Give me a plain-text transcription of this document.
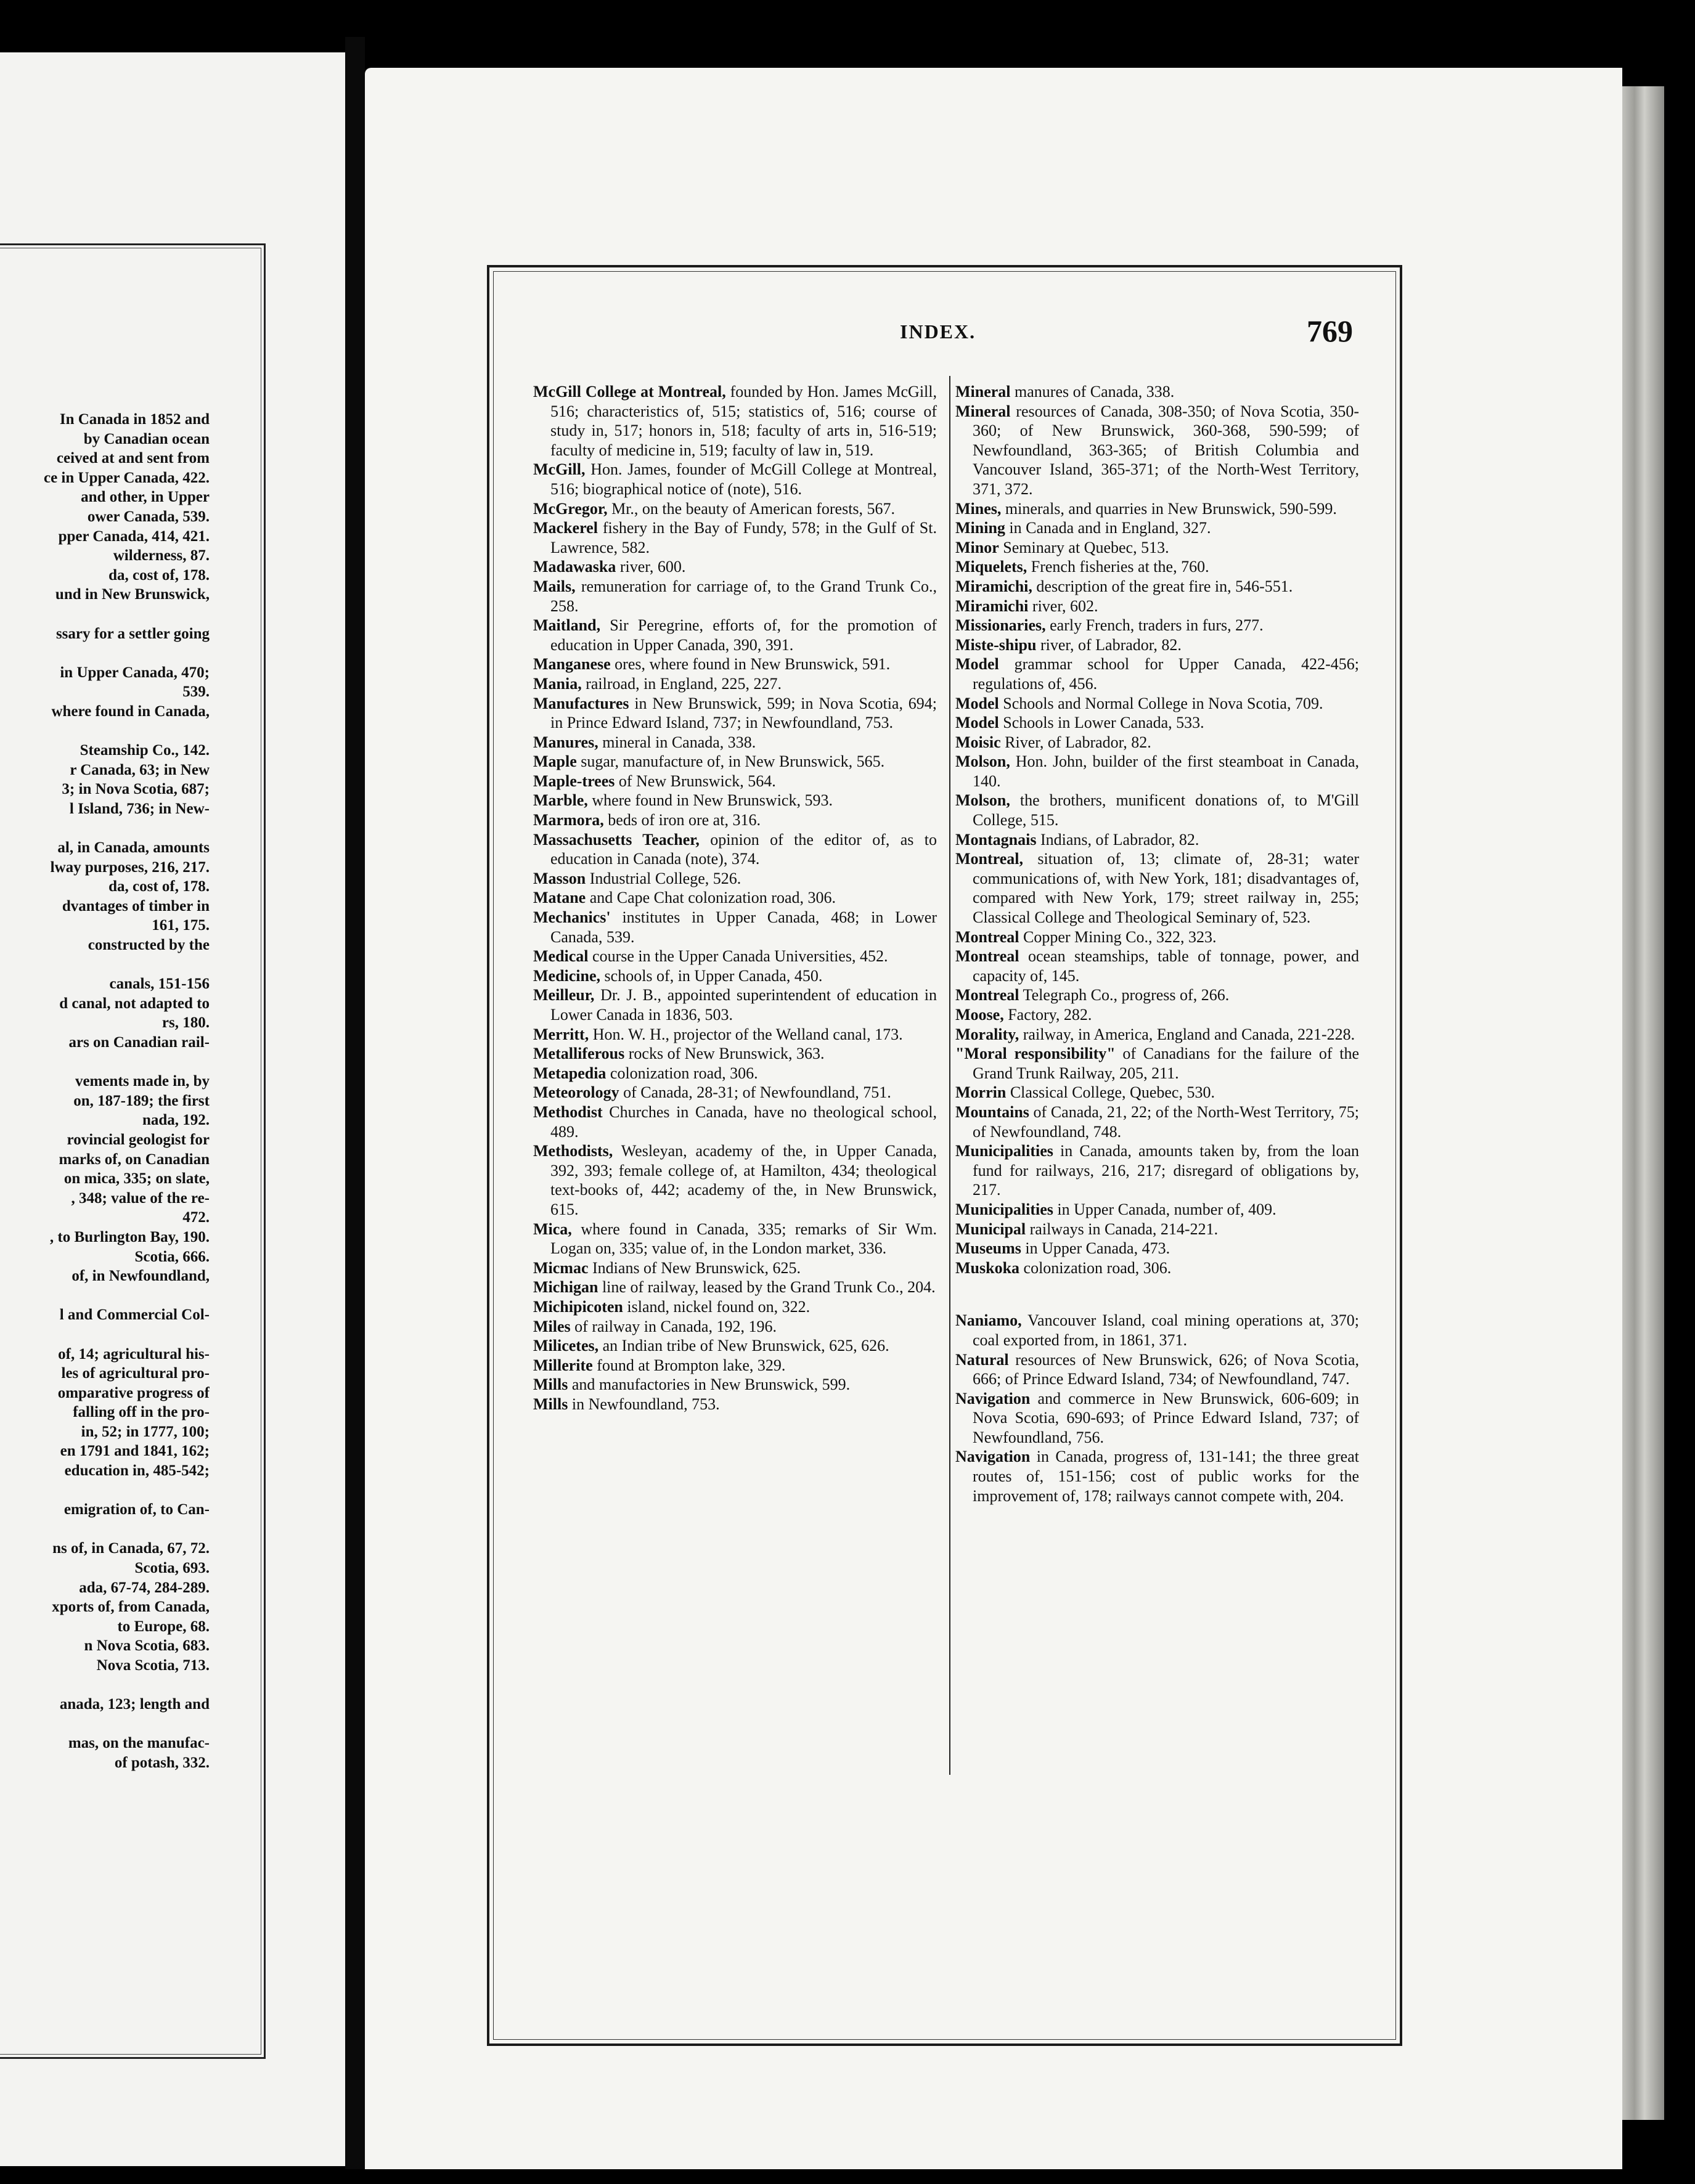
In Canada in 1852 and
by Canadian ocean
ceived at and sent from
ce in Upper Canada, 422.
and other, in Upper
ower Canada, 539.
pper Canada, 414, 421.
wilderness, 87.
da, cost of, 178.
und in New Brunswick,

ssary for a settler going

in Upper Canada, 470;
539.
where found in Canada,

Steamship Co., 142.
r Canada, 63; in New
3; in Nova Scotia, 687;
l Island, 736; in New-

al, in Canada, amounts
lway purposes, 216, 217.
da, cost of, 178.
dvantages of timber in
161, 175.
constructed by the

canals, 151-156
d canal, not adapted to
rs, 180.
ars on Canadian rail-

vements made in, by
on, 187-189; the first
nada, 192.
rovincial geologist for
marks of, on Canadian
on mica, 335; on slate,
, 348; value of the re-
472.
, to Burlington Bay, 190.
Scotia, 666.
of, in Newfoundland,

l and Commercial Col-

of, 14; agricultural his-
les of agricultural pro-
omparative progress of
falling off in the pro-
in, 52; in 1777, 100;
en 1791 and 1841, 162;
education in, 485-542;

emigration of, to Can-

ns of, in Canada, 67, 72.
Scotia, 693.
ada, 67-74, 284-289.
xports of, from Canada,
to Europe, 68.
n Nova Scotia, 683.
Nova Scotia, 713.

anada, 123; length and

mas, on the manufac-
of potash, 332.
INDEX.	769

McGill College at Montreal, founded by Hon. James McGill, 516; characteristics of, 515; statistics of, 516; course of study in, 517; honors in, 518; faculty of arts in, 516-519; faculty of medicine in, 519; faculty of law in, 519.

McGill, Hon. James, founder of McGill College at Montreal, 516; biographical notice of (note), 516.

McGregor, Mr., on the beauty of American forests, 567.

Mackerel fishery in the Bay of Fundy, 578; in the Gulf of St. Lawrence, 582.

Madawaska river, 600.

Mails, remuneration for carriage of, to the Grand Trunk Co., 258.

Maitland, Sir Peregrine, efforts of, for the promotion of education in Upper Canada, 390, 391.

Manganese ores, where found in New Brunswick, 591.

Mania, railroad, in England, 225, 227.

Manufactures in New Brunswick, 599; in Nova Scotia, 694; in Prince Edward Island, 737; in Newfoundland, 753.

Manures, mineral in Canada, 338.

Maple sugar, manufacture of, in New Brunswick, 565.

Maple-trees of New Brunswick, 564.

Marble, where found in New Brunswick, 593.

Marmora, beds of iron ore at, 316.

Massachusetts Teacher, opinion of the editor of, as to education in Canada (note), 374.

Masson Industrial College, 526.

Matane and Cape Chat colonization road, 306.

Mechanics' institutes in Upper Canada, 468; in Lower Canada, 539.

Medical course in the Upper Canada Universities, 452.

Medicine, schools of, in Upper Canada, 450.

Meilleur, Dr. J. B., appointed superintendent of education in Lower Canada in 1836, 503.

Merritt, Hon. W. H., projector of the Welland canal, 173.

Metalliferous rocks of New Brunswick, 363.

Metapedia colonization road, 306.

Meteorology of Canada, 28-31; of Newfoundland, 751.

Methodist Churches in Canada, have no theological school, 489.

Methodists, Wesleyan, academy of the, in Upper Canada, 392, 393; female college of, at Hamilton, 434; theological text-books of, 442; academy of the, in New Brunswick, 615.

Mica, where found in Canada, 335; remarks of Sir Wm. Logan on, 335; value of, in the London market, 336.

Micmac Indians of New Brunswick, 625.

Michigan line of railway, leased by the Grand Trunk Co., 204.

Michipicoten island, nickel found on, 322.

Miles of railway in Canada, 192, 196.

Milicetes, an Indian tribe of New Brunswick, 625, 626.

Millerite found at Brompton lake, 329.

Mills and manufactories in New Brunswick, 599.

Mills in Newfoundland, 753.

Mineral manures of Canada, 338.

Mineral resources of Canada, 308-350; of Nova Scotia, 350-360; of New Brunswick, 360-368, 590-599; of Newfoundland, 363-365; of British Columbia and Vancouver Island, 365-371; of the North-West Territory, 371, 372.

Mines, minerals, and quarries in New Brunswick, 590-599.

Mining in Canada and in England, 327.

Minor Seminary at Quebec, 513.

Miquelets, French fisheries at the, 760.

Miramichi, description of the great fire in, 546-551.

Miramichi river, 602.

Missionaries, early French, traders in furs, 277.

Miste-shipu river, of Labrador, 82.

Model grammar school for Upper Canada, 422-456; regulations of, 456.

Model Schools and Normal College in Nova Scotia, 709.

Model Schools in Lower Canada, 533.

Moisic River, of Labrador, 82.

Molson, Hon. John, builder of the first steamboat in Canada, 140.

Molson, the brothers, munificent donations of, to M'Gill College, 515.

Montagnais Indians, of Labrador, 82.

Montreal, situation of, 13; climate of, 28-31; water communications of, with New York, 181; disadvantages of, compared with New York, 179; street railway in, 255; Classical College and Theological Seminary of, 523.

Montreal Copper Mining Co., 322, 323.

Montreal ocean steamships, table of tonnage, power, and capacity of, 145.

Montreal Telegraph Co., progress of, 266.

Moose, Factory, 282.

Morality, railway, in America, England and Canada, 221-228.

"Moral responsibility" of Canadians for the failure of the Grand Trunk Railway, 205, 211.

Morrin Classical College, Quebec, 530.

Mountains of Canada, 21, 22; of the North-West Territory, 75; of Newfoundland, 748.

Municipalities in Canada, amounts taken by, from the loan fund for railways, 216, 217; disregard of obligations by, 217.

Municipalities in Upper Canada, number of, 409.

Municipal railways in Canada, 214-221.

Museums in Upper Canada, 473.

Muskoka colonization road, 306.

Naniamo, Vancouver Island, coal mining operations at, 370; coal exported from, in 1861, 371.

Natural resources of New Brunswick, 626; of Nova Scotia, 666; of Prince Edward Island, 734; of Newfoundland, 747.

Navigation and commerce in New Brunswick, 606-609; in Nova Scotia, 690-693; of Prince Edward Island, 737; of Newfoundland, 756.

Navigation in Canada, progress of, 131-141; the three great routes of, 151-156; cost of public works for the improvement of, 178; railways cannot compete with, 204.
